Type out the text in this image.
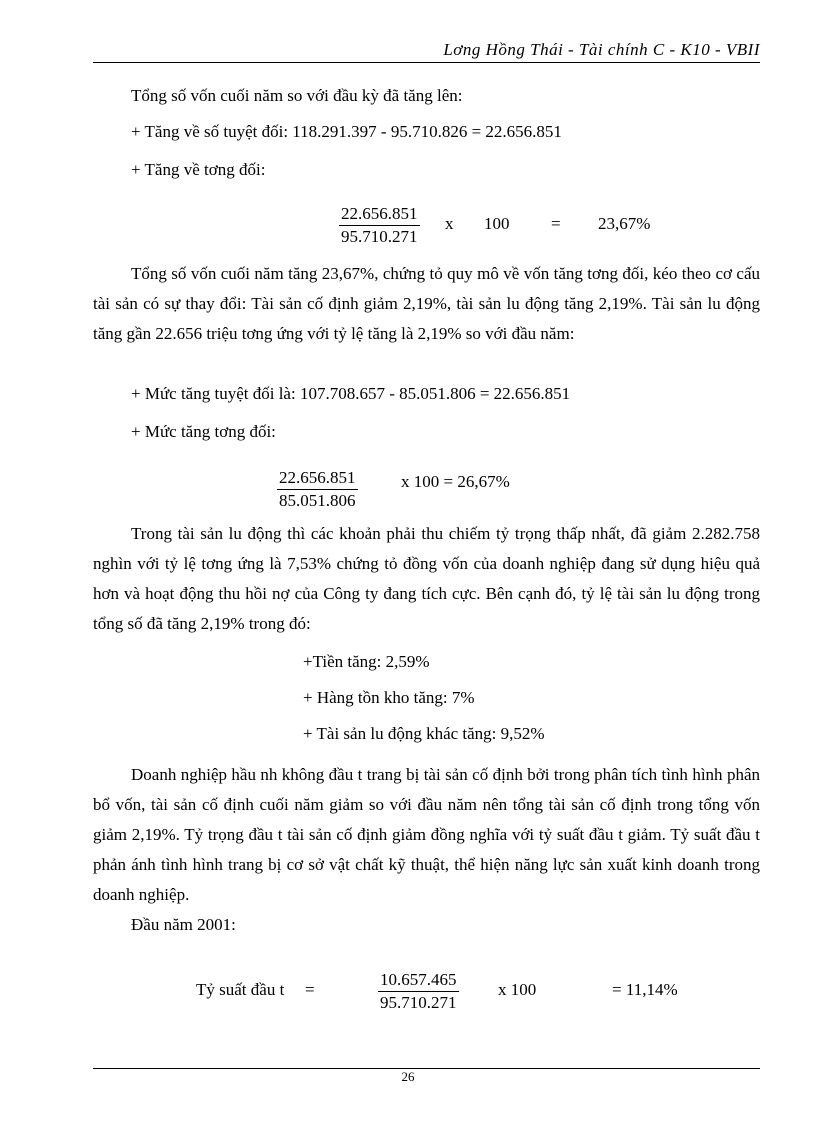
Lơng Hồng Thái - Tài chính C - K10 - VBII
Tổng số vốn cuối năm so với đầu kỳ đã tăng lên:
+ Tăng về số tuyệt đối: 118.291.397 - 95.710.826 = 22.656.851
+ Tăng về tơng đối:
$\frac{22.656.851}{95.710.271}$ x 100 = 23,67%
Tổng số vốn cuối năm tăng 23,67%, chứng tỏ quy mô về vốn tăng tơng đối, kéo theo cơ cấu tài sản có sự thay đổi: Tài sản cố định giảm 2,19%, tài sản lu động tăng 2,19%. Tài sản lu động tăng gần 22.656 triệu tơng ứng với tỷ lệ tăng là 2,19% so với đầu năm:
+ Mức tăng tuyệt đối là: 107.708.657 - 85.051.806 = 22.656.851
+ Mức tăng tơng đối:
$\frac{22.656.851}{85.051.806}$	x 100 = 26,67%
Trong tài sản lu động thì các khoản phải thu chiếm tỷ trọng thấp nhất, đã giảm 2.282.758 nghìn với tỷ lệ tơng ứng là 7,53% chứng tỏ đồng vốn của doanh nghiệp đang sử dụng hiệu quả hơn và hoạt động thu hồi nợ của Công ty đang tích cực. Bên cạnh đó, tỷ lệ tài sản lu động trong tổng số đã tăng 2,19% trong đó:
+Tiền tăng: 2,59%
+ Hàng tồn kho tăng: 7%
+ Tài sản lu động khác tăng: 9,52%
Doanh nghiệp hầu nh không đầu t trang bị tài sản cố định bởi trong phân tích tình hình phân bổ vốn, tài sản cố định cuối năm giảm so với đầu năm nên tổng tài sản cố định trong tổng vốn giảm 2,19%. Tỷ trọng đầu t tài sản cố định giảm đồng nghĩa với tỷ suất đầu t giảm. Tỷ suất đầu t phản ánh tình hình trang bị cơ sở vật chất kỹ thuật, thể hiện năng lực sản xuất kinh doanh trong doanh nghiệp.
Đầu năm 2001:
Tỷ suất đầu t =	$\frac{10.657.465}{95.710.271}$ x 100	= 11,14%
26
